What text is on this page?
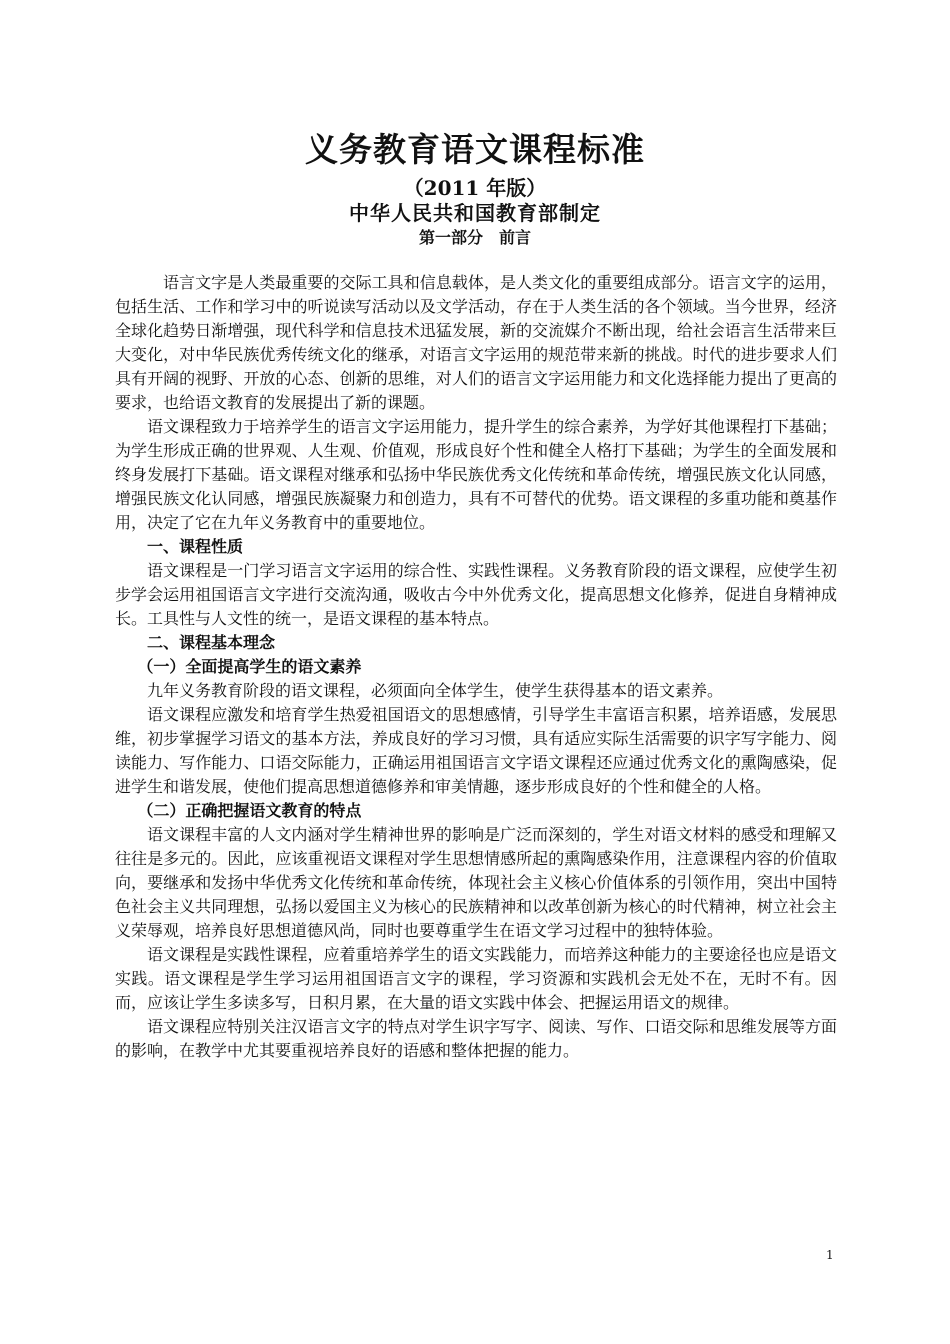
义务教育语文课程标准
（2011 年版）
中华人民共和国教育部制定
第一部分　前言

语言文字是人类最重要的交际工具和信息载体，是人类文化的重要组成部分。语言文字的运用，包括生活、工作和学习中的听说读写活动以及文学活动，存在于人类生活的各个领域。当今世界，经济全球化趋势日渐增强，现代科学和信息技术迅猛发展，新的交流媒介不断出现，给社会语言生活带来巨大变化，对中华民族优秀传统文化的继承，对语言文字运用的规范带来新的挑战。时代的进步要求人们具有开阔的视野、开放的心态、创新的思维，对人们的语言文字运用能力和文化选择能力提出了更高的要求，也给语文教育的发展提出了新的课题。

语文课程致力于培养学生的语言文字运用能力，提升学生的综合素养，为学好其他课程打下基础；为学生形成正确的世界观、人生观、价值观，形成良好个性和健全人格打下基础；为学生的全面发展和终身发展打下基础。语文课程对继承和弘扬中华民族优秀文化传统和革命传统，增强民族文化认同感，增强民族文化认同感，增强民族凝聚力和创造力，具有不可替代的优势。语文课程的多重功能和奠基作用，决定了它在九年义务教育中的重要地位。

一、课程性质

语文课程是一门学习语言文字运用的综合性、实践性课程。义务教育阶段的语文课程，应使学生初步学会运用祖国语言文字进行交流沟通，吸收古今中外优秀文化，提高思想文化修养，促进自身精神成长。工具性与人文性的统一，是语文课程的基本特点。

二、课程基本理念

（一）全面提高学生的语文素养

九年义务教育阶段的语文课程，必须面向全体学生，使学生获得基本的语文素养。

语文课程应激发和培育学生热爱祖国语文的思想感情，引导学生丰富语言积累，培养语感，发展思维，初步掌握学习语文的基本方法，养成良好的学习习惯，具有适应实际生活需要的识字写字能力、阅读能力、写作能力、口语交际能力，正确运用祖国语言文字语文课程还应通过优秀文化的熏陶感染，促进学生和谐发展，使他们提高思想道德修养和审美情趣，逐步形成良好的个性和健全的人格。

（二）正确把握语文教育的特点

语文课程丰富的人文内涵对学生精神世界的影响是广泛而深刻的，学生对语文材料的感受和理解又往往是多元的。因此，应该重视语文课程对学生思想情感所起的熏陶感染作用，注意课程内容的价值取向，要继承和发扬中华优秀文化传统和革命传统，体现社会主义核心价值体系的引领作用，突出中国特色社会主义共同理想，弘扬以爱国主义为核心的民族精神和以改革创新为核心的时代精神，树立社会主义荣辱观，培养良好思想道德风尚，同时也要尊重学生在语文学习过程中的独特体验。

语文课程是实践性课程，应着重培养学生的语文实践能力，而培养这种能力的主要途径也应是语文实践。语文课程是学生学习运用祖国语言文字的课程，学习资源和实践机会无处不在，无时不有。因而，应该让学生多读多写，日积月累，在大量的语文实践中体会、把握运用语文的规律。

语文课程应特别关注汉语言文字的特点对学生识字写字、阅读、写作、口语交际和思维发展等方面的影响，在教学中尤其要重视培养良好的语感和整体把握的能力。

1
